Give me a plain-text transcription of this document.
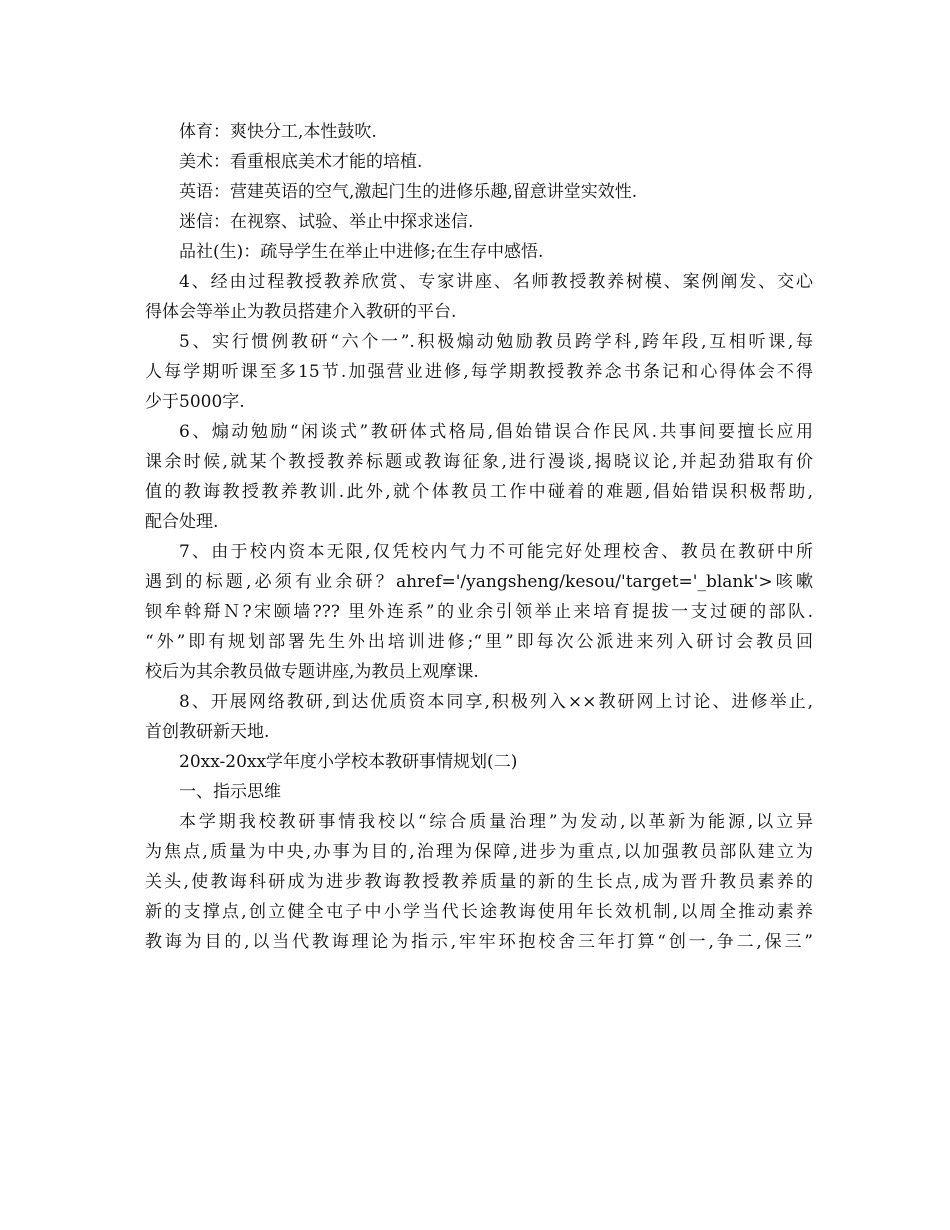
体育：爽快分工,本性鼓吹.
美术：看重根底美术才能的培植.
英语：营建英语的空气,激起门生的进修乐趣,留意讲堂实效性.
迷信：在视察、试验、举止中探求迷信.
品社(生)：疏导学生在举止中进修;在生存中感悟.
4、经由过程教授教养欣赏、专家讲座、名师教授教养树模、案例阐发、交心
得体会等举止为教员搭建介入教研的平台.
5、实行惯例教研“六个一”.积极煽动勉励教员跨学科,跨年段,互相听课,每
人每学期听课至多15节.加强营业进修,每学期教授教养念书条记和心得体会不得
少于5000字.
6、煽动勉励“闲谈式”教研体式格局,倡始错误合作民风.共事间要擅长应用
课余时候,就某个教授教养标题或教诲征象,进行漫谈,揭晓议论,并起劲猎取有价
值的教诲教授教养教训.此外,就个体教员工作中碰着的难题,倡始错误积极帮助,
配合处理.
7、由于校内资本无限,仅凭校内气力不可能完好处理校舍、教员在教研中所
遇到的标题,必须有业余研？ahref='/yangsheng/kesou/'target='_blank'>咳嗽
钡牟斡搿Ｎ?宋颐墙??? 里外连系”的业余引领举止来培育提拔一支过硬的部队.
“外”即有规划部署先生外出培训进修;“里”即每次公派进来列入研讨会教员回
校后为其余教员做专题讲座,为教员上观摩课.
8、开展网络教研,到达优质资本同享,积极列入××教研网上讨论、进修举止,
首创教研新天地.
20xx-20xx学年度小学校本教研事情规划(二)
一、指示思维
本学期我校教研事情我校以“综合质量治理”为发动,以革新为能源,以立异
为焦点,质量为中央,办事为目的,治理为保障,进步为重点,以加强教员部队建立为
关头,使教诲科研成为进步教诲教授教养质量的新的生长点,成为晋升教员素养的
新的支撑点,创立健全屯子中小学当代长途教诲使用年长效机制,以周全推动素养
教诲为目的,以当代教诲理论为指示,牢牢环抱校舍三年打算“创一,争二,保三”
